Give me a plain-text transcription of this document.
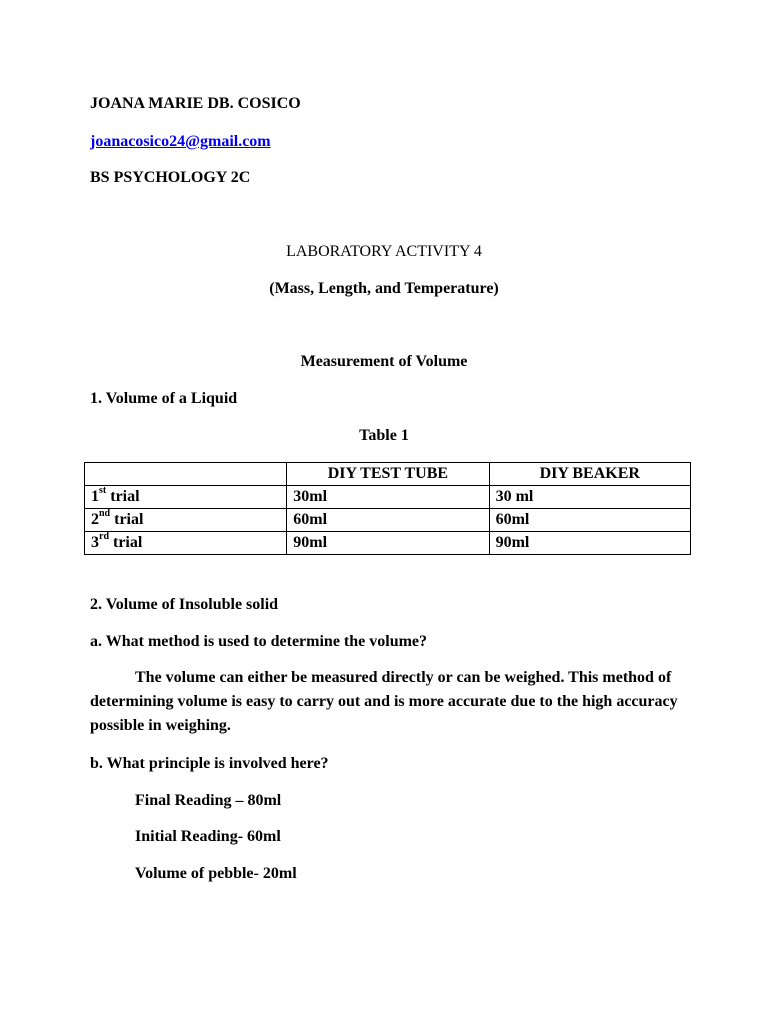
JOANA MARIE DB. COSICO
joanacosico24@gmail.com
BS PSYCHOLOGY 2C
LABORATORY ACTIVITY 4
(Mass, Length, and Temperature)
Measurement of Volume
1. Volume of a Liquid
Table 1
	DIY TEST TUBE	DIY BEAKER
1st trial	30ml	30 ml
2nd trial	60ml	60ml
3rd trial	90ml	90ml
2. Volume of Insoluble solid
a. What method is used to determine the volume?
The volume can either be measured directly or can be weighed. This method of determining volume is easy to carry out and is more accurate due to the high accuracy possible in weighing.
b. What principle is involved here?
Final Reading – 80ml
Initial Reading- 60ml
Volume of pebble- 20ml
